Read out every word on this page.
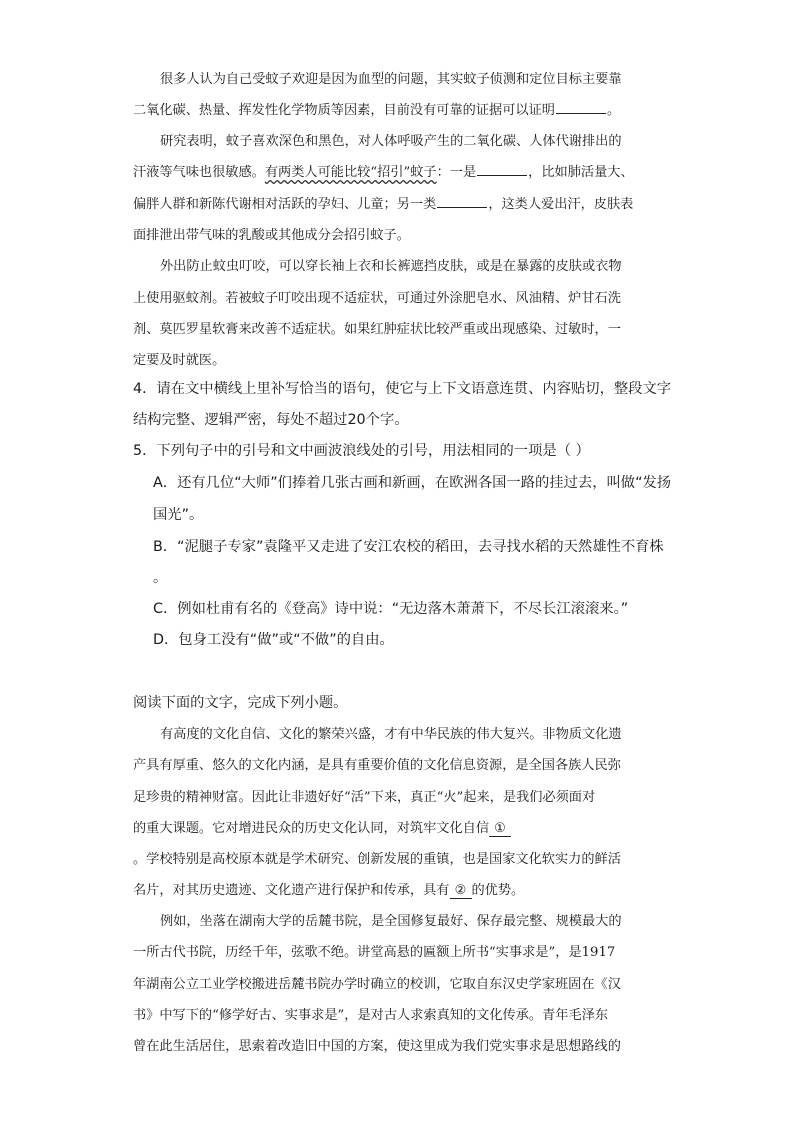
很多人认为自己受蚊子欢迎是因为血型的问题，其实蚊子侦测和定位目标主要靠
二氧化碳、热量、挥发性化学物质等因素，目前没有可靠的证据可以证明	。
研究表明，蚊子喜欢深色和黑色，对人体呼吸产生的二氧化碳、人体代谢排出的
汗液等气味也很敏感。有两类人可能比较“招引”蚊子：一是	，比如肺活量大、
偏胖人群和新陈代谢相对活跃的孕妇、儿童；另一类	，这类人爱出汗，皮肤表
面排泄出带气味的乳酸或其他成分会招引蚊子。
外出防止蚊虫叮咬，可以穿长袖上衣和长裤遮挡皮肤，或是在暴露的皮肤或衣物
上使用驱蚊剂。若被蚊子叮咬出现不适症状，可通过外涂肥皂水、风油精、炉甘石洗
剂、莫匹罗星软膏来改善不适症状。如果红肿症状比较严重或出现感染、过敏时，一
定要及时就医。
4．请在文中横线上里补写恰当的语句，使它与上下文语意连贯、内容贴切，整段文字
结构完整、逻辑严密，每处不超过20个字。
5．下列句子中的引号和文中画波浪线处的引号，用法相同的一项是（ ）
A．还有几位“大师”们捧着几张古画和新画，在欧洲各国一路的挂过去，叫做“发扬
国光”。
B．“泥腿子专家”袁隆平又走进了安江农校的稻田，去寻找水稻的天然雄性不育株
。
C．例如杜甫有名的《登高》诗中说：“无边落木萧萧下，不尽长江滚滚来。”
D．包身工没有“做”或“不做”的自由。
阅读下面的文字，完成下列小题。
有高度的文化自信、文化的繁荣兴盛，才有中华民族的伟大复兴。非物质文化遗
产具有厚重、悠久的文化内涵，是具有重要价值的文化信息资源，是全国各族人民弥
足珍贵的精神财富。因此让非遗好好“活”下来，真正“火”起来，是我们必须面对
的重大课题。它对增进民众的历史文化认同，对筑牢文化自信 ①
。学校特别是高校原本就是学术研究、创新发展的重镇，也是国家文化软实力的鲜活
名片，对其历史遗迹、文化遗产进行保护和传承，具有 ② 的优势。
例如，坐落在湖南大学的岳麓书院，是全国修复最好、保存最完整、规模最大的
一所古代书院，历经千年，弦歌不绝。讲堂高悬的匾额上所书“实事求是”，是1917
年湖南公立工业学校搬进岳麓书院办学时确立的校训，它取自东汉史学家班固在《汉
书》中写下的“修学好古、实事求是”，是对古人求索真知的文化传承。青年毛泽东
曾在此生活居住，思索着改造旧中国的方案，使这里成为我们党实事求是思想路线的
